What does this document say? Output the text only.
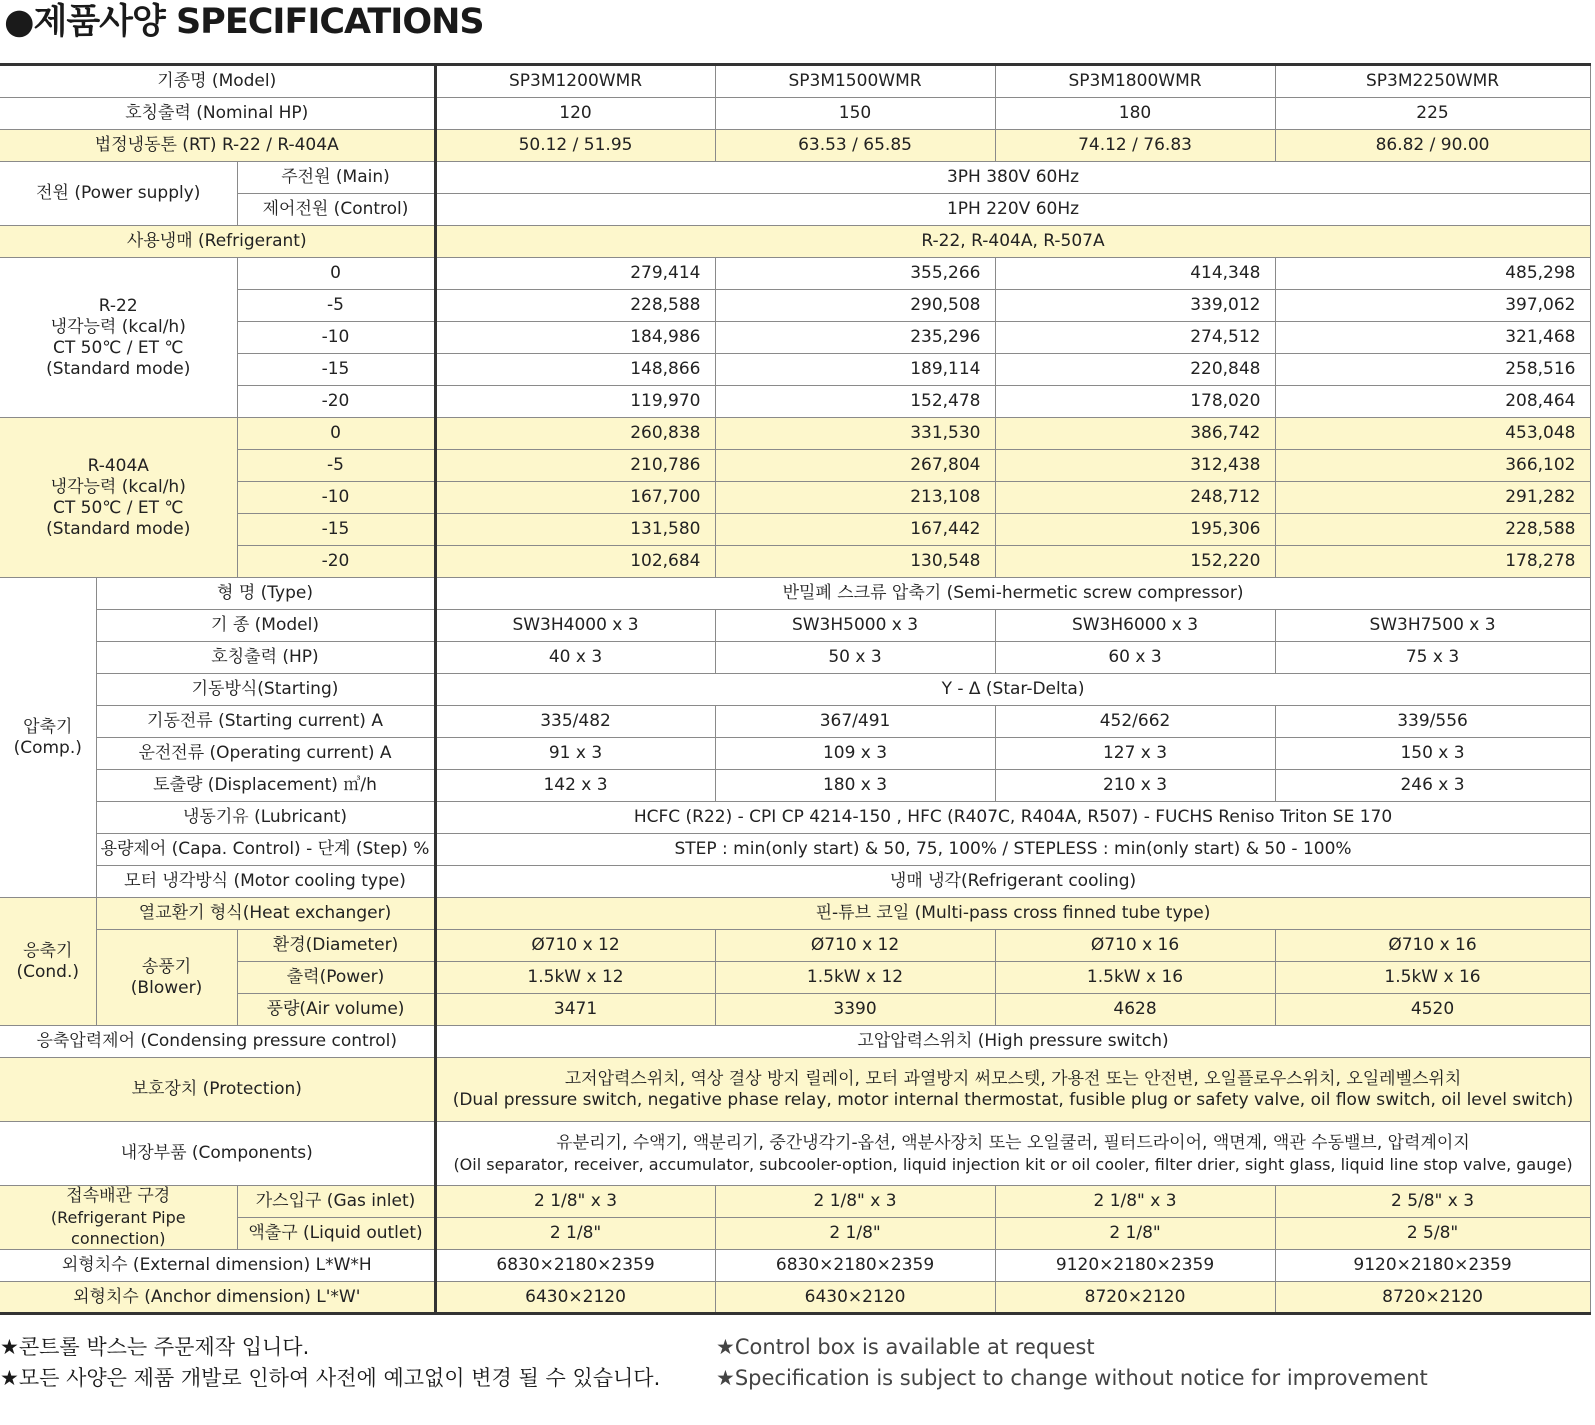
●제품사양 SPECIFICATIONS
기종명 (Model)			SP3M1200WMR	SP3M1500WMR	SP3M1800WMR	SP3M2250WMR
호칭출력 (Nominal HP)			120	150	180	225
법정냉동톤 (RT) R-22 / R-404A			50.12 / 51.95	63.53 / 65.85	74.12 / 76.83	86.82 / 90.00
전원 (Power supply)		주전원 (Main)	3PH 380V 60Hz			
		제어전원 (Control)	1PH 220V 60Hz			
사용냉매 (Refrigerant)			R-22, R-404A, R-507A			

R-22
냉각능력 (kcal/h)
CT 50℃ / ET ℃
(Standard mode)		0	279,414	355,266	414,348	485,298
		-5	228,588	290,508	339,012	397,062
		-10	184,986	235,296	274,512	321,468
		-15	148,866	189,114	220,848	258,516
		-20	119,970	152,478	178,020	208,464

R-404A
냉각능력 (kcal/h)
CT 50℃ / ET ℃
(Standard mode)		0	260,838	331,530	386,742	453,048
		-5	210,786	267,804	312,438	366,102
		-10	167,700	213,108	248,712	291,282
		-15	131,580	167,442	195,306	228,588
		-20	102,684	130,548	152,220	178,278

압축기
(Comp.)	형 명 (Type)		반밀폐 스크류 압축기 (Semi-hermetic screw compressor)			
	기 종 (Model)		SW3H4000 x 3	SW3H5000 x 3	SW3H6000 x 3	SW3H7500 x 3
	호칭출력 (HP)		40 x 3	50 x 3	60 x 3	75 x 3
	기동방식(Starting)		Y - Δ (Star-Delta)			
	기동전류 (Starting current) A		335/482	367/491	452/662	339/556
	운전전류 (Operating current) A		91 x 3	109 x 3	127 x 3	150 x 3
	토출량 (Displacement) ㎥/h		142 x 3	180 x 3	210 x 3	246 x 3
	냉동기유 (Lubricant)		HCFC (R22) - CPI CP 4214-150 , HFC (R407C, R404A, R507) - FUCHS Reniso Triton SE 170			
	용량제어 (Capa. Control) - 단계 (Step) %		STEP : min(only start) & 50, 75, 100% / STEPLESS : min(only start) & 50 - 100%			
	모터 냉각방식 (Motor cooling type)		냉매 냉각(Refrigerant cooling)			

응축기
(Cond.)	열교환기 형식(Heat exchanger)		핀-튜브 코일 (Multi-pass cross finned tube type)			

	송풍기
(Blower)	환경(Diameter)	Ø710 x 12	Ø710 x 12	Ø710 x 16	Ø710 x 16
		출력(Power)	1.5kW x 12	1.5kW x 12	1.5kW x 16	1.5kW x 16
		풍량(Air volume)	3471	3390	4628	4520
응축압력제어 (Condensing pressure control)			고압압력스위치 (High pressure switch)			
보호장치 (Protection)			고저압력스위치, 역상 결상 방지 릴레이, 모터 과열방지 써모스텟, 가용전 또는 안전변, 오일플로우스위치, 오일레벨스위치
(Dual pressure switch, negative phase relay, motor internal thermostat, fusible plug or safety valve, oil flow switch, oil level switch)			

내장부품 (Components)			유분리기, 수액기, 액분리기, 중간냉각기-옵션, 액분사장치 또는 오일쿨러, 필터드라이어, 액면계, 액관 수동밸브, 압력계이지
(Oil separator, receiver, accumulator, subcooler-option, liquid injection kit or oil cooler, filter drier, sight glass, liquid line stop valve, gauge)			

접속배관 구경
(Refrigerant Pipe connection)		가스입구 (Gas inlet)	2 1/8" x 3	2 1/8" x 3	2 1/8" x 3	2 5/8" x 3
		액출구 (Liquid outlet)	2 1/8"	2 1/8"	2 1/8"	2 5/8"
외형치수 (External dimension) L*W*H			6830×2180×2359	6830×2180×2359	9120×2180×2359	9120×2180×2359
외형치수 (Anchor dimension) L'*W'			6430×2120	6430×2120	8720×2120	8720×2120
★콘트롤 박스는 주문제작 입니다.
★모든 사양은 제품 개발로 인하여 사전에 예고없이 변경 될 수 있습니다.
★Control box is available at request
★Specification is subject to change without notice for improvement
